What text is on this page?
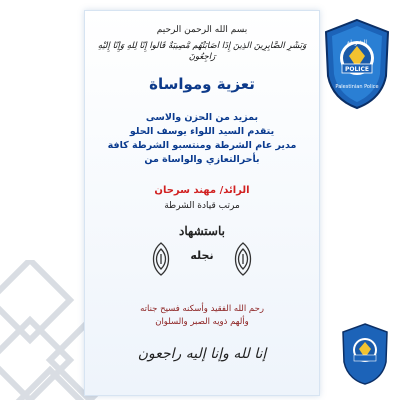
بسم الله الرحمن الرحيم
وَبَشِّرِ الصَّابِرِينَ الَّذِينَ إِذَا أَصَابَتْهُم مُّصِيبَةٌ قَالُوا إِنَّا لِلَّهِ وَإِنَّا إِلَيْهِ رَاجِعُونَ
تعزية ومواساة
بمزيد من الحزن والاسى
يتقدم السيد اللواء يوسف الحلو
مدير عام الشرطة ومنتسبو الشرطة كافة
بأحرالتعازي والواساة من
الرائد/ مهند سرحان
مرتب قيادة الشرطة
باستشهاد
نجله
رحم الله الفقيد وأسكنه فسيح جناته
وألهم ذويه الصبر والسلوان
إنا لله وإنا إليه راجعون
الشرطة
POLICE
Palestinian Police
